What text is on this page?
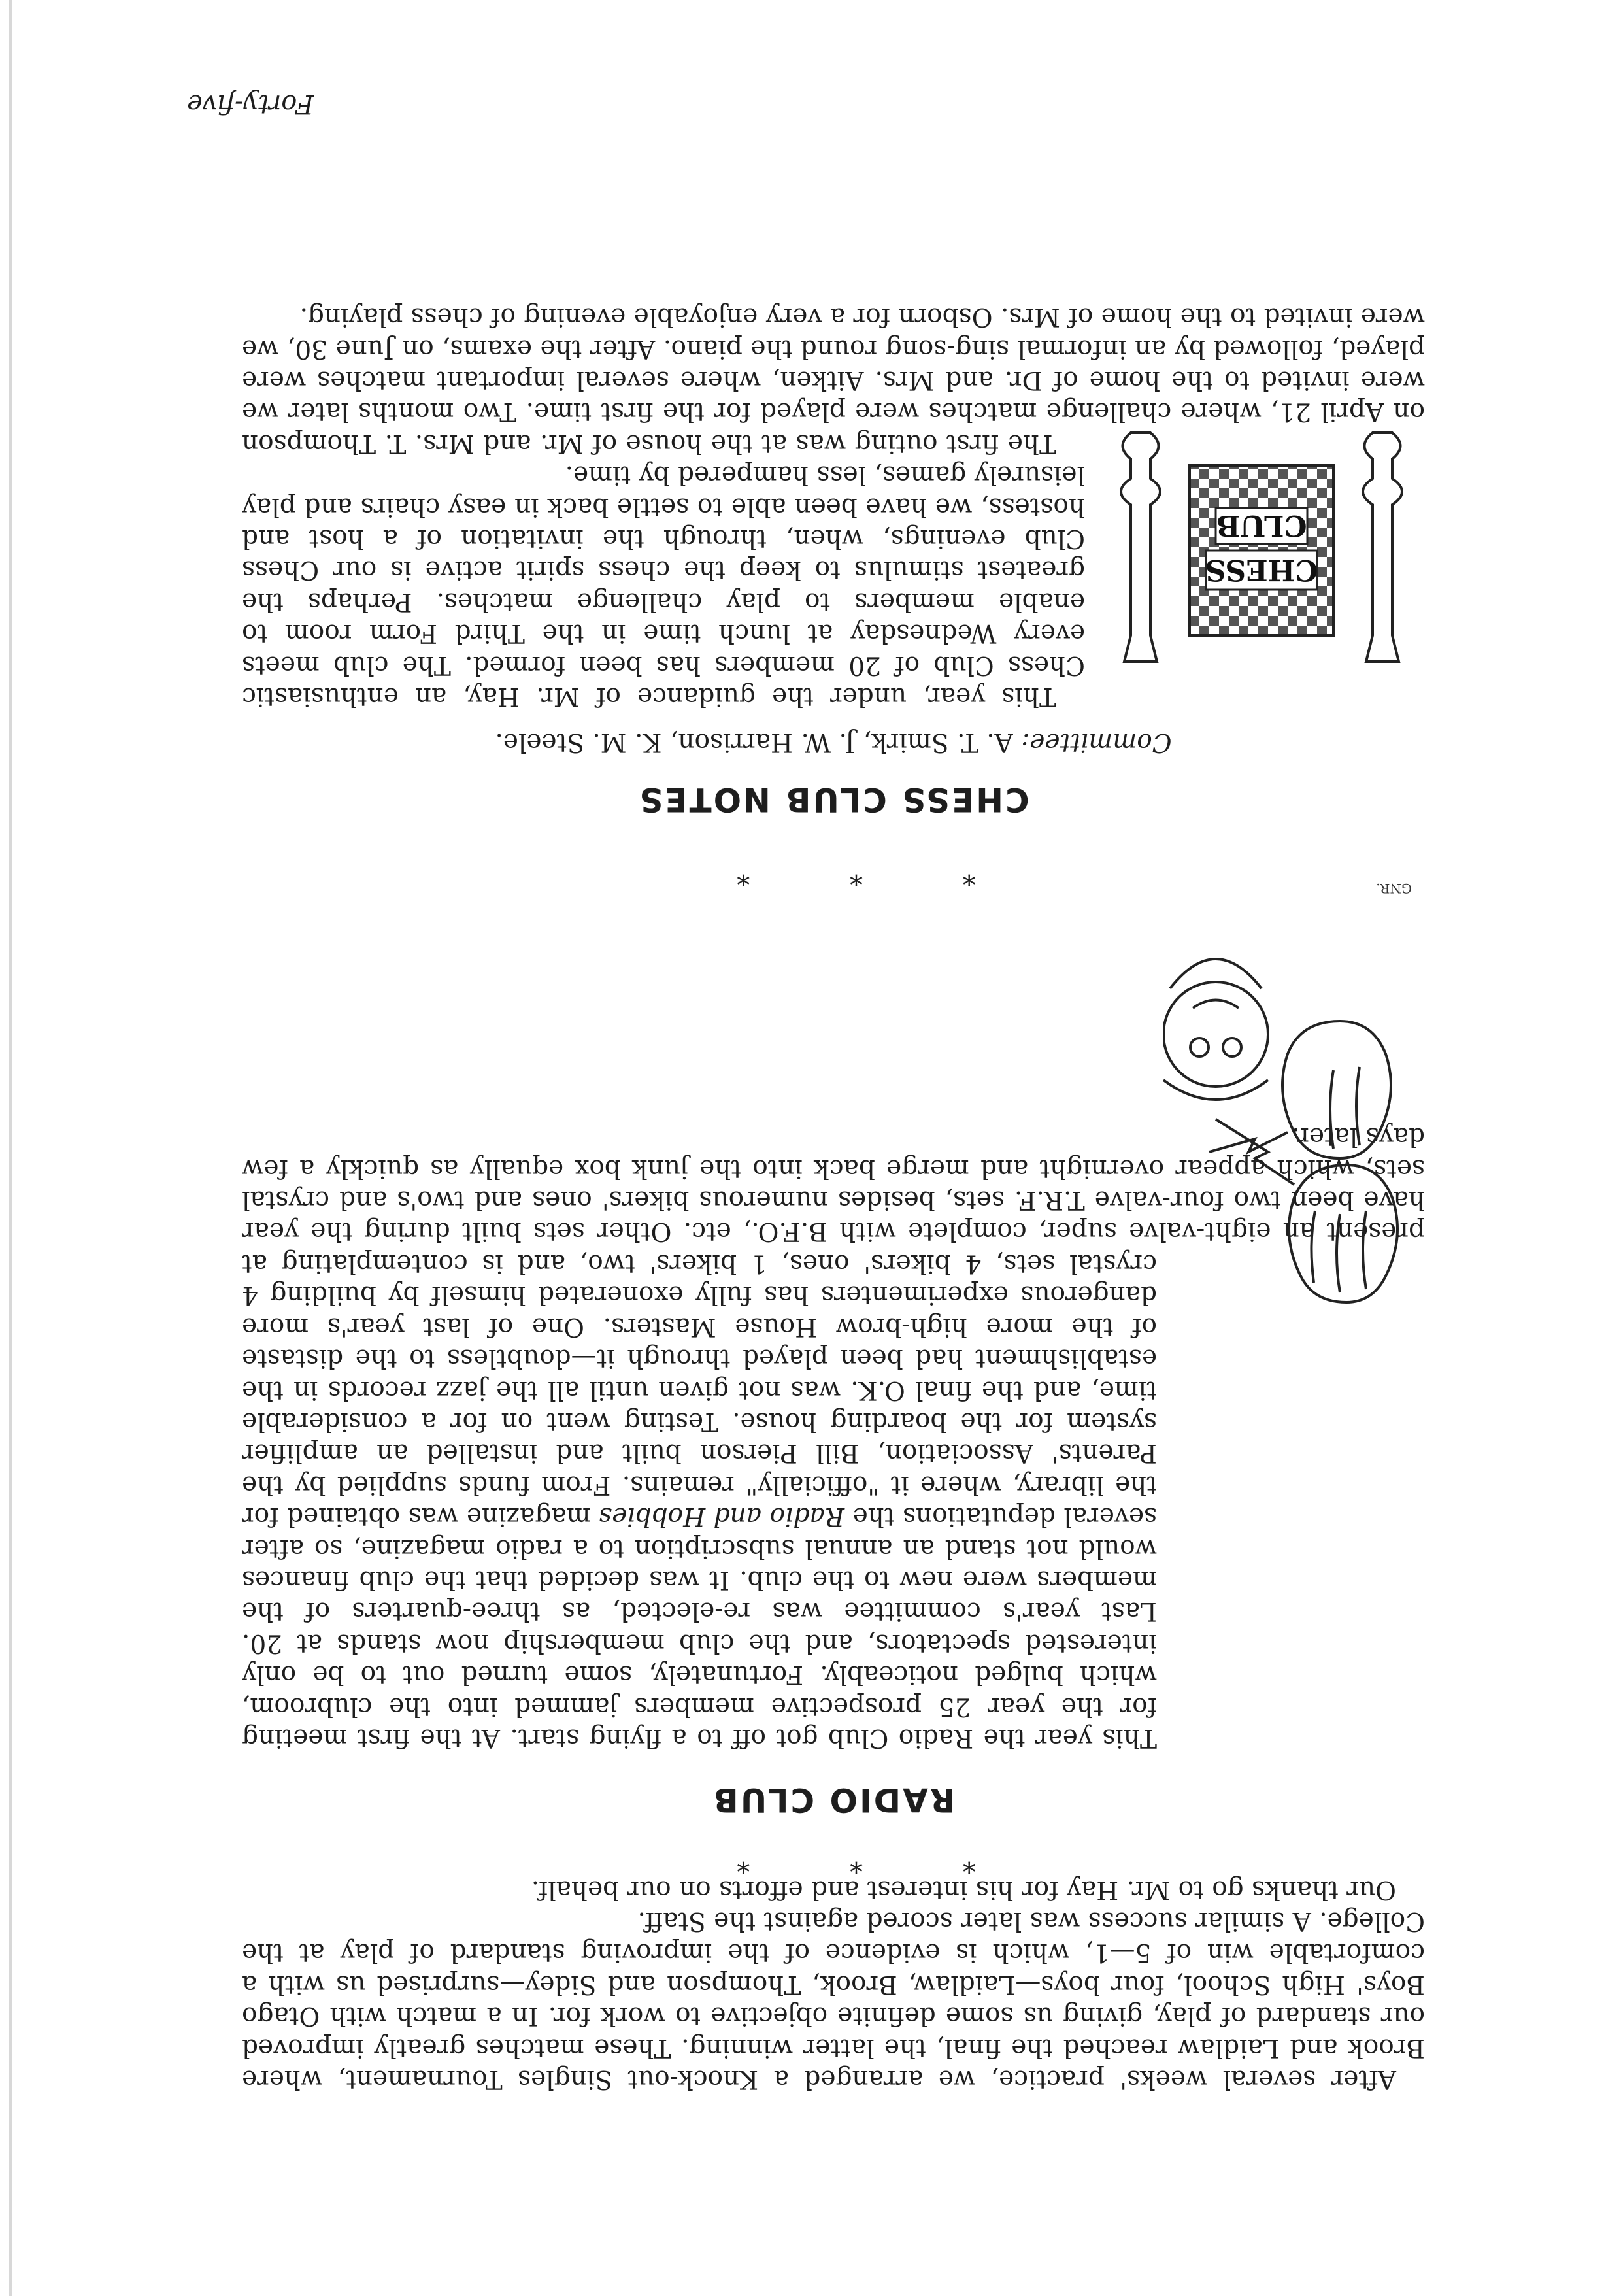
After several weeks' practice, we arranged a Knock-out Singles Tournament, where Brook and Laidlaw reached the final, the latter winning. These matches greatly improved our standard of play, giving us some definite objective to work for. In a match with Otago Boys' High School, four boys—Laidlaw, Brook, Thompson and Sidey—surprised us with a comfortable win of 5—1, which is evidence of the improving standard of play at the College. A similar success was later scored against the Staff.

Our thanks go to Mr. Hay for his interest and efforts on our behalf.

* * *

RADIO CLUB

This year the Radio Club got off to a flying start. At the first meeting for the year 25 prospective members jammed into the clubroom, which bulged noticeably. Fortunately, some turned out to be only interested spectators, and the club membership now stands at 20. Last year's committee was re-elected, as three-quarters of the members were new to the club. It was decided that the club finances would not stand an annual subscription to a radio magazine, so after several deputations the Radio and Hobbies magazine was obtained for the library, where it "officially" remains. From funds supplied by the Parents' Association, Bill Pierson built and installed an amplifier system for the boarding house. Testing went on for a considerable time, and the final O.K. was not given until all the jazz records in the establishment had been played through it—doubtless to the distaste of the more high-brow House Masters. One of last year's more dangerous experimenters has fully exonerated himself by building 4 crystal sets, 4 bikers' ones, 1 bikers' two, and is contemplating at present an eight-valve super, complete with B.F.O., etc. Other sets built during the year have been two four-valve T.R.F. sets, besides numerous bikers' ones and two's and crystal sets, which appear overnight and merge back into the junk box equally as quickly a few days later.

GNR.

* * *

CHESS CLUB NOTES

Committee: A. T. Smirk, J. W. Harrison, K. M. Steele.

This year, under the guidance of Mr. Hay, an enthusiastic Chess Club of 20 members has been formed. The club meets every Wednesday at lunch time in the Third Form room to enable members to play challenge matches. Perhaps the greatest stimulus to keep the chess spirit active is our Chess Club evenings, when, through the invitation of a host and hostess, we have been able to settle back in easy chairs and play leisurely games, less hampered by time.

The first outing was at the house of Mr. and Mrs. T. Thompson on April 21, where challenge matches were played for the first time. Two months later we were invited to the home of Dr. and Mrs. Aitken, where several important matches were played, followed by an informal sing-song round the piano. After the exams, on June 30, we were invited to the home of Mrs. Osborn for a very enjoyable evening of chess playing.

CHESS
CLUB
Forty-five
